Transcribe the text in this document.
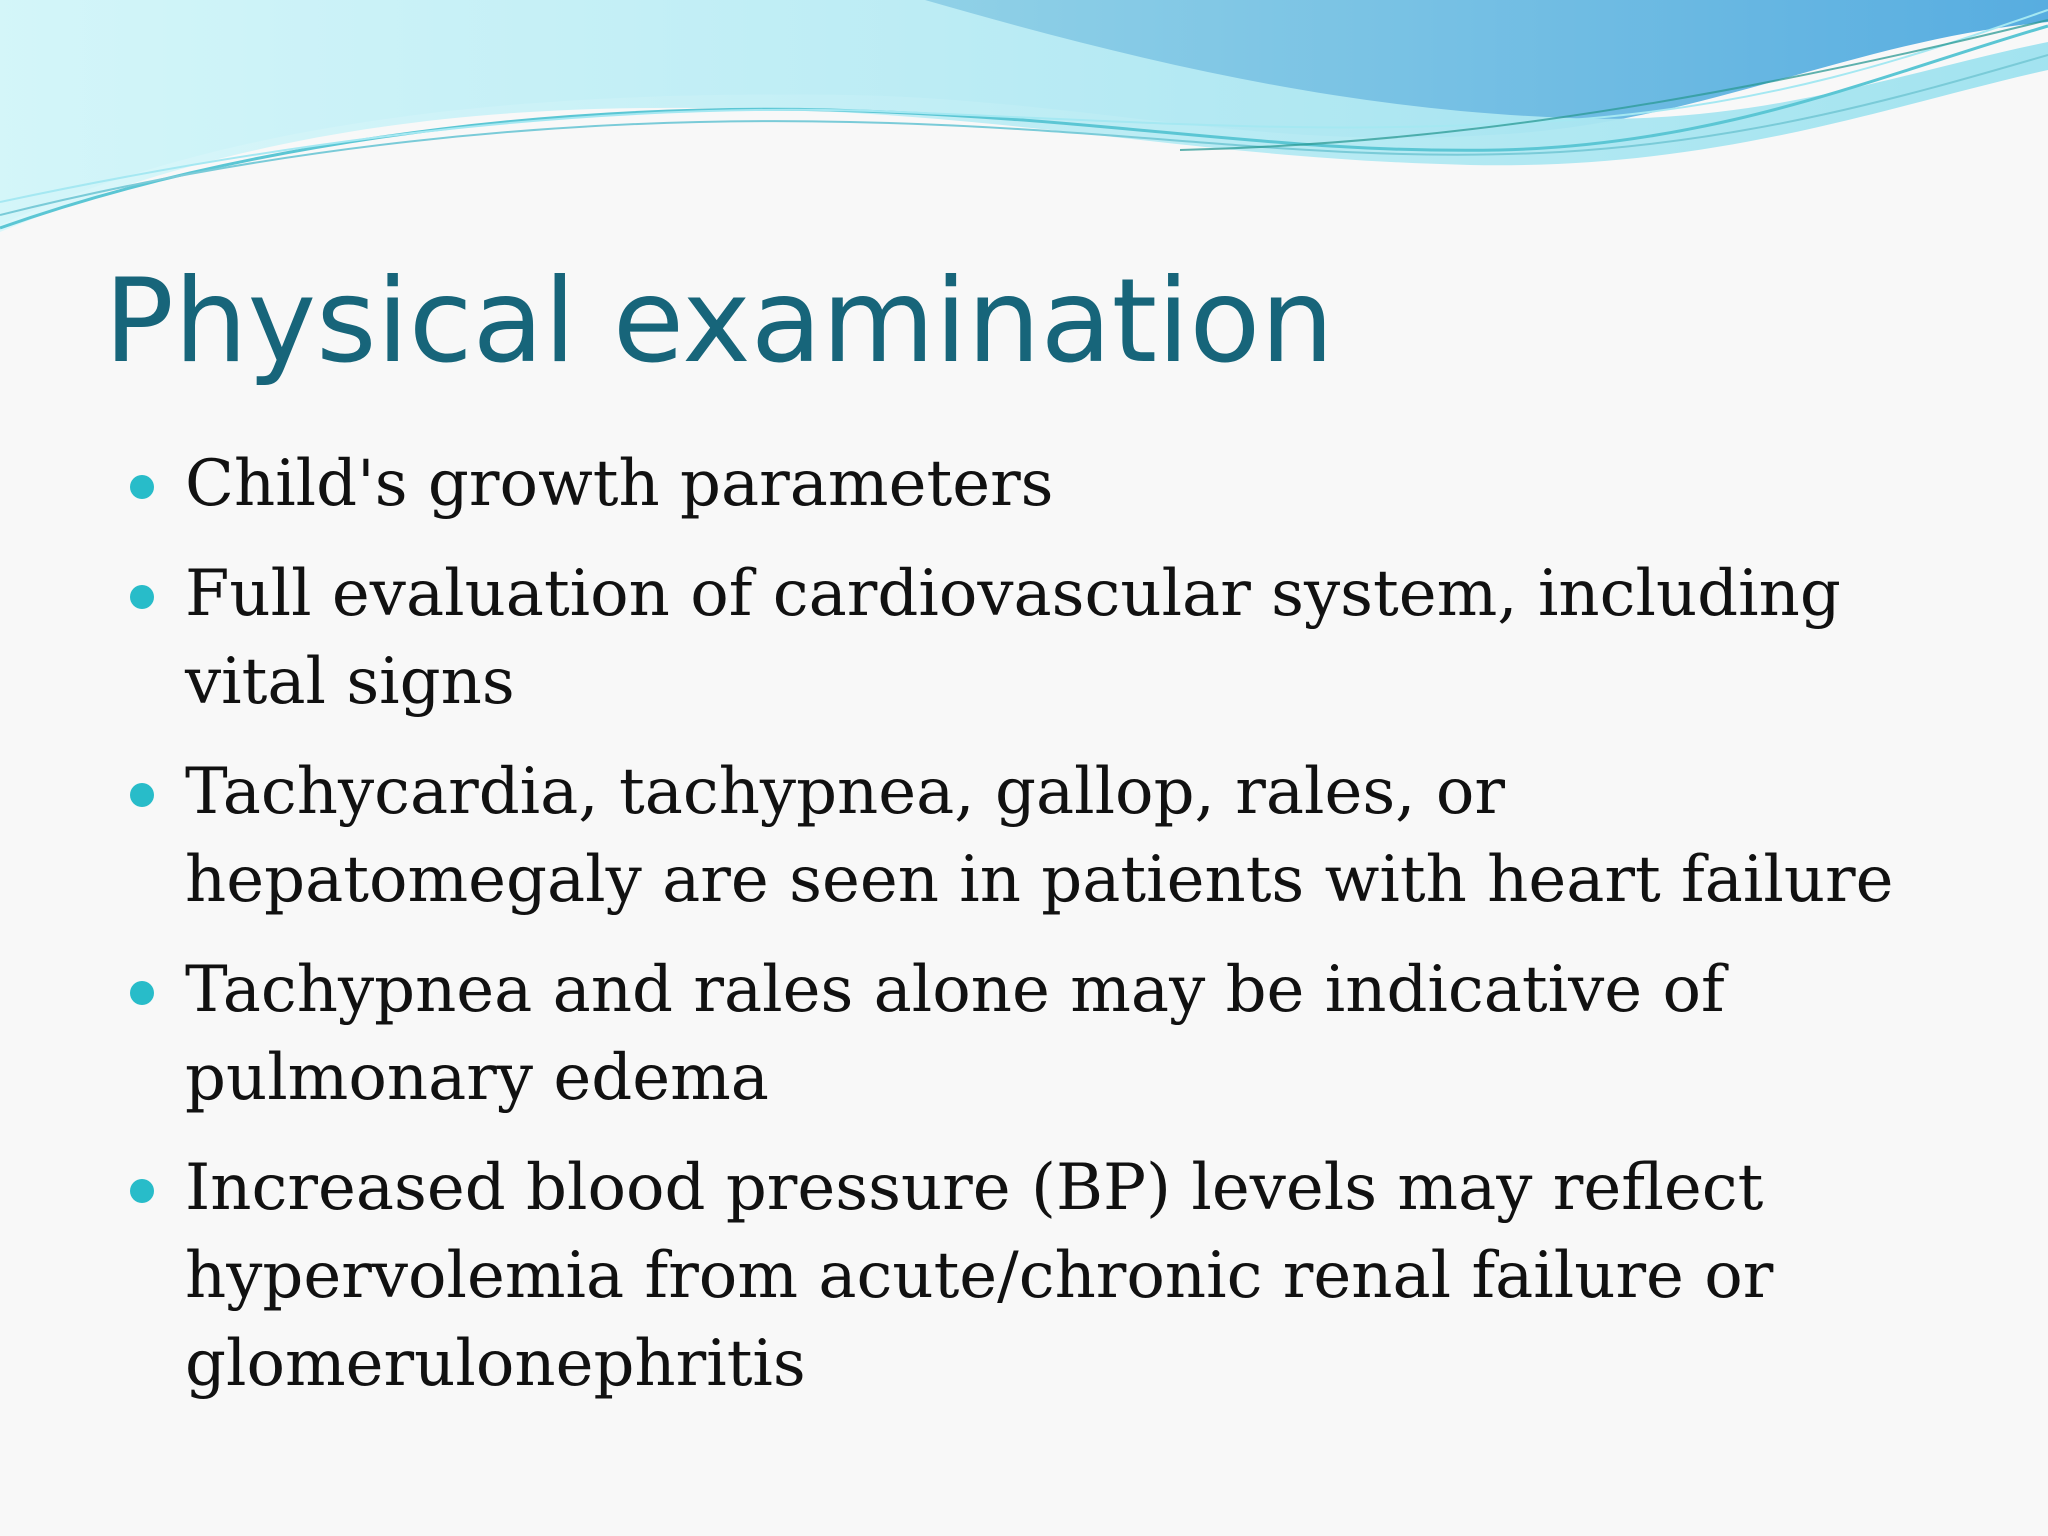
Physical examination
Child's growth parameters
Full evaluation of cardiovascular system, including vital signs
Tachycardia, tachypnea, gallop, rales, or hepatomegaly are seen in patients with heart failure
Tachypnea and rales alone may be indicative of pulmonary edema
Increased blood pressure (BP) levels may reflect hypervolemia from acute/chronic renal failure or glomerulonephritis
